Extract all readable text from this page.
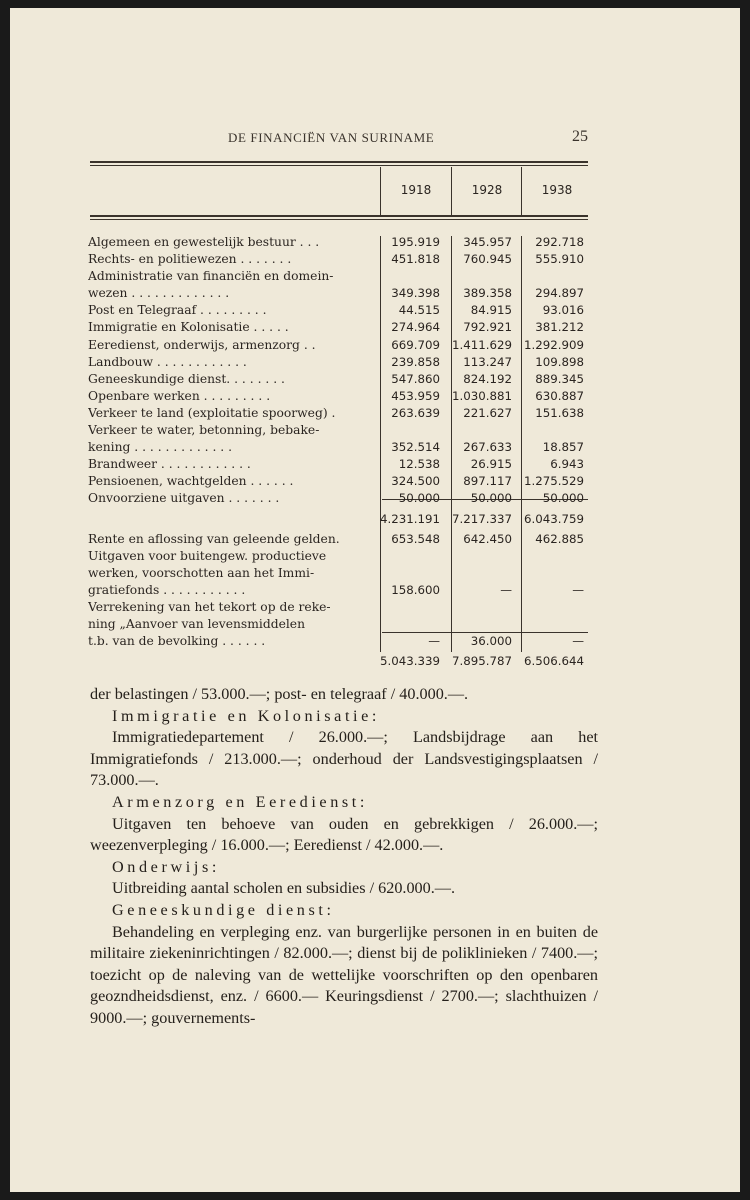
DE FINANCIËN VAN SURINAME	25
1918	1928	1938
Algemeen en gewestelijk bestuur . . .	195.919	345.957	292.718
Rechts- en politiewezen . . . . . . .	451.818	760.945	555.910
Administratie van financiën en domein-			
wezen . . . . . . . . . . . . .	349.398	389.358	294.897
Post en Telegraaf . . . . . . . . .	44.515	84.915	93.016
Immigratie en Kolonisatie . . . . .	274.964	792.921	381.212
Eeredienst, onderwijs, armenzorg . .	669.709	1.411.629	1.292.909
Landbouw . . . . . . . . . . . .	239.858	113.247	109.898
Geneeskundige dienst. . . . . . . .	547.860	824.192	889.345
Openbare werken . . . . . . . . .	453.959	1.030.881	630.887
Verkeer te land (exploitatie spoorweg) .	263.639	221.627	151.638
Verkeer te water, betonning, bebake-			
kening . . . . . . . . . . . . .	352.514	267.633	18.857
Brandweer . . . . . . . . . . . .	12.538	26.915	6.943
Pensioenen, wachtgelden . . . . . .	324.500	897.117	1.275.529
Onvoorziene uitgaven . . . . . . .	50.000	50.000	50.000

	4.231.191	7.217.337	6.043.759

Rente en aflossing van geleende gelden.	653.548	642.450	462.885
Uitgaven voor buitengew. productieve			
werken, voorschotten aan het Immi-			
gratiefonds . . . . . . . . . . .	158.600	—	—
Verrekening van het tekort op de reke-			
ning „Aanvoer van levensmiddelen			
t.b. van de bevolking . . . . . .	—	36.000	—

	5.043.339	7.895.787	6.506.644

der belastingen / 53.000.—; post- en telegraaf / 40.000.—.

Immigratie en Kolonisatie:

Immigratiedepartement / 26.000.—; Landsbijdrage aan het Immigratiefonds / 213.000.—; onderhoud der Landsvestigingsplaatsen / 73.000.—.

Armenzorg en Eeredienst:

Uitgaven ten behoeve van ouden en gebrekkigen / 26.000.—; weezenverpleging / 16.000.—; Eeredienst / 42.000.—.

Onderwijs:

Uitbreiding aantal scholen en subsidies / 620.000.—.

Geneeskundige dienst:

Behandeling en verpleging enz. van burgerlijke personen in en buiten de militaire ziekeninrichtingen / 82.000.—; dienst bij de poliklinieken / 7400.—; toezicht op de naleving van de wettelijke voorschriften op den openbaren geozndheidsdienst, enz. / 6600.— Keuringsdienst / 2700.—; slachthuizen / 9000.—; gouvernements-
